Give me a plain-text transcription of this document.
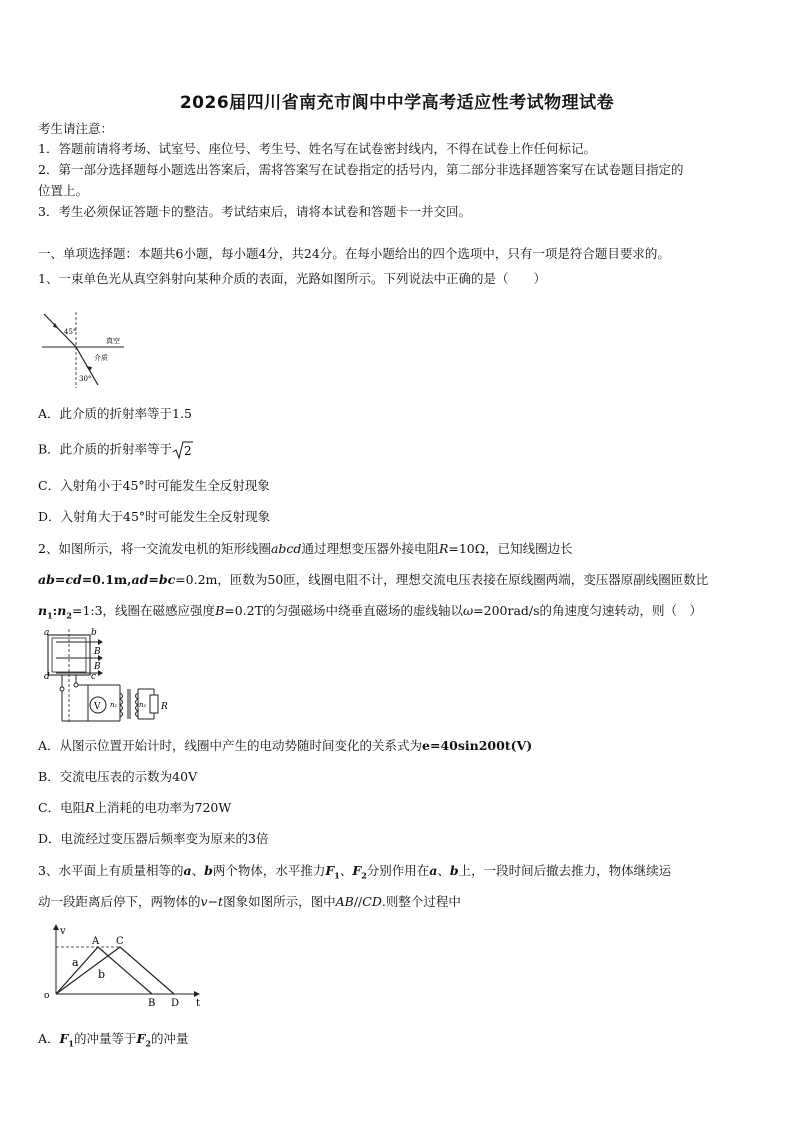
2026届四川省南充市阆中中学高考适应性考试物理试卷
考生请注意：
1．答题前请将考场、试室号、座位号、考生号、姓名写在试卷密封线内，不得在试卷上作任何标记。
2．第一部分选择题每小题选出答案后，需将答案写在试卷指定的括号内，第二部分非选择题答案写在试卷题目指定的
位置上。
3．考生必须保证答题卡的整洁。考试结束后，请将本试卷和答题卡一并交回。
一、单项选择题：本题共6小题，每小题4分，共24分。在每小题给出的四个选项中，只有一项是符合题目要求的。
1、一束单色光从真空斜射向某种介质的表面，光路如图所示。下列说法中正确的是（　　）
45°
30°
真空
介质
A．此介质的折射率等于1.5
B．此介质的折射率等于 2
C．入射角小于45°时可能发生全反射现象
D．入射角大于45°时可能发生全反射现象
2、如图所示，将一交流发电机的矩形线圈abcd通过理想变压器外接电阻R=10Ω，已知线圈边长
ab=cd=0.1m,ad=bc=0.2m，匝数为50匝，线圈电阻不计，理想交流电压表接在原线圈两端，变压器原副线圈匝数比
$n_1:n_2=1:3$，线圈在磁感应强度B=0.2T的匀强磁场中绕垂直磁场的虚线轴以ω=200rad/s的角速度匀速转动，则（　）
V n₁	n₂ R
a	b
d	c
B
B
A．从图示位置开始计时，线圈中产生的电动势随时间变化的关系式为e=40sin200t(V)
B．交流电压表的示数为40V
C．电阻R上消耗的电功率为720W
D．电流经过变压器后频率变为原来的3倍
3、水平面上有质量相等的a、b两个物体，水平推力$F_1$、$F_2$分别作用在a、b上，一段时间后撤去推力，物体继续运
动一段距离后停下，两物体的v−t图象如图所示，图中AB//CD.则整个过程中
v
t
o
A C
B D
a
b
A．$F_1$的冲量等于$F_2$的冲量
